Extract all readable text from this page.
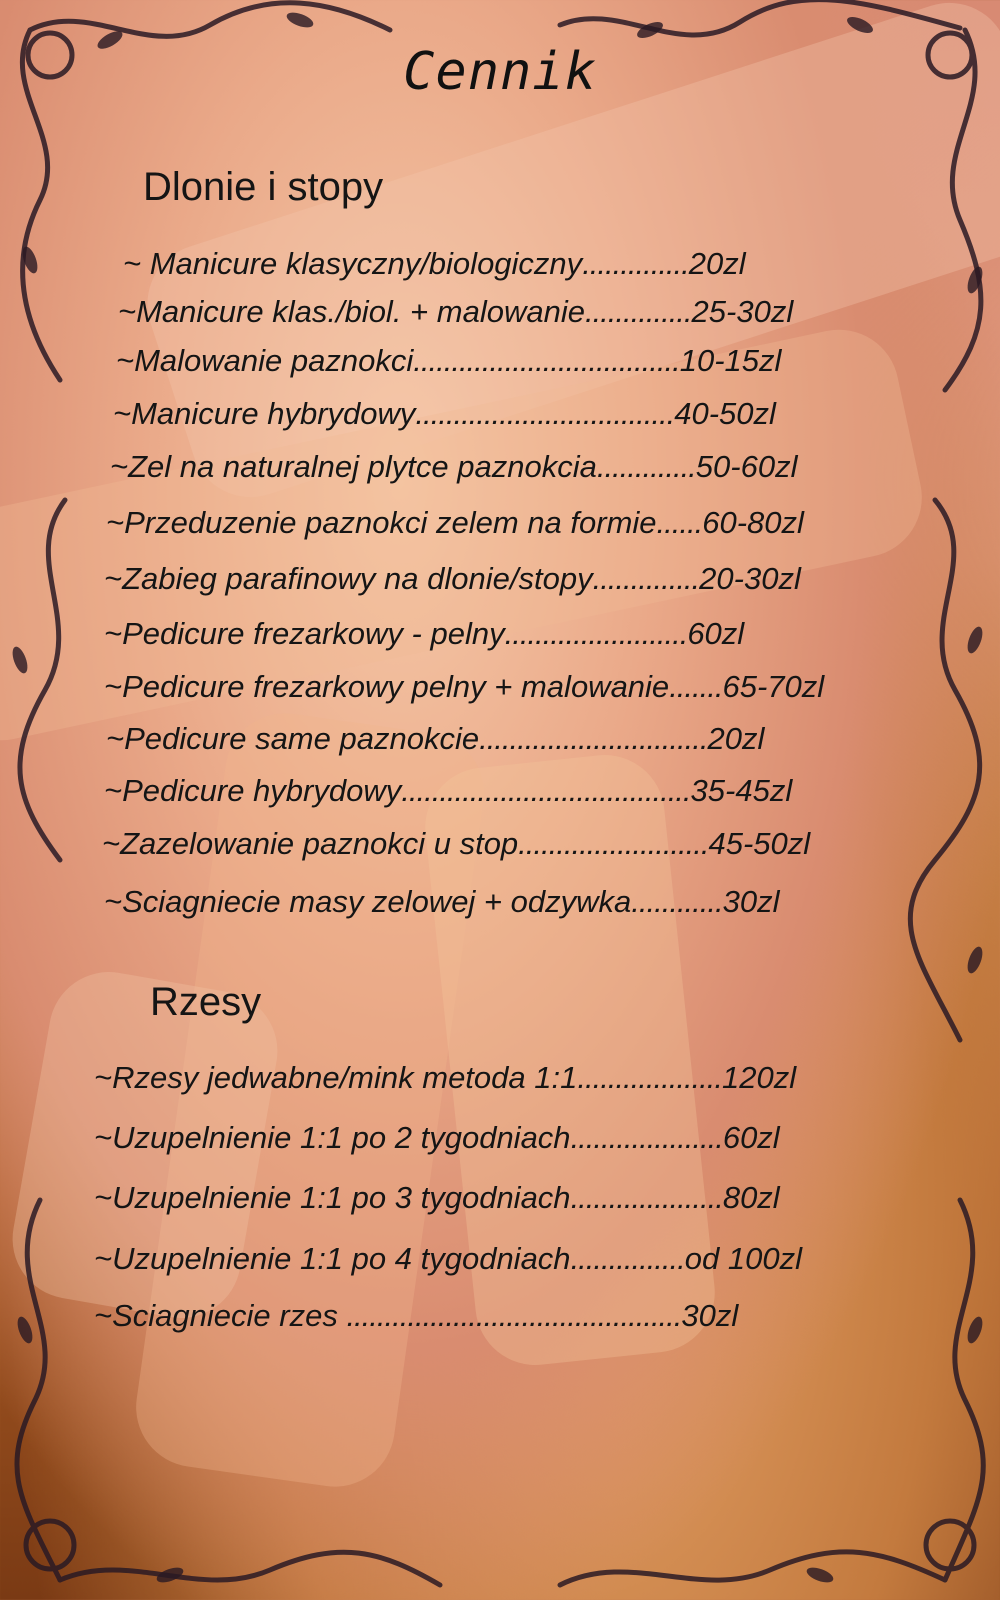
Cennik
Dlonie i stopy
~ Manicure klasyczny/biologiczny..............20zl
~Manicure klas./biol. + malowanie..............25-30zl
~Malowanie paznokci...................................10-15zl
~Manicure hybrydowy..................................40-50zl
~Zel na naturalnej plytce paznokcia.............50-60zl
~Przeduzenie paznokci zelem na formie......60-80zl
~Zabieg parafinowy na dlonie/stopy..............20-30zl
~Pedicure frezarkowy - pelny........................60zl
~Pedicure frezarkowy pelny + malowanie.......65-70zl
~Pedicure same paznokcie..............................20zl
~Pedicure hybrydowy......................................35-45zl
~Zazelowanie paznokci u stop.........................45-50zl
~Sciagniecie masy zelowej + odzywka............30zl
Rzesy
~Rzesy jedwabne/mink metoda 1:1...................120zl
~Uzupelnienie 1:1 po 2 tygodniach....................60zl
~Uzupelnienie 1:1 po 3 tygodniach....................80zl
~Uzupelnienie 1:1 po 4 tygodniach...............od 100zl
~Sciagniecie rzes ............................................30zl
